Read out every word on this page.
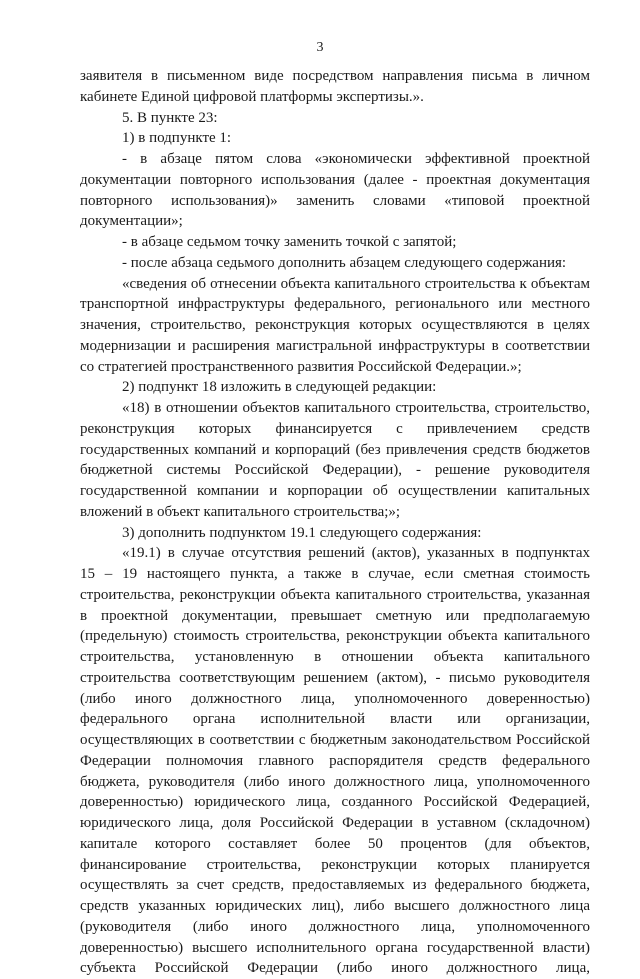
3
заявителя в письменном виде посредством направления письма в личном
кабинете Единой цифровой платформы экспертизы.».
5. В пункте 23:
1) в подпункте 1:
- в абзаце пятом слова «экономически эффективной проектной
документации повторного использования (далее - проектная документация
повторного использования)» заменить словами «типовой проектной
документации»;
- в абзаце седьмом точку заменить точкой с запятой;
- после абзаца седьмого дополнить абзацем следующего содержания:
«сведения об отнесении объекта капитального строительства к объектам
транспортной инфраструктуры федерального, регионального или местного
значения, строительство, реконструкция которых осуществляются в целях
модернизации и расширения магистральной инфраструктуры в соответствии
со стратегией пространственного развития Российской Федерации.»;
2) подпункт 18 изложить в следующей редакции:
«18) в отношении объектов капитального строительства, строительство,
реконструкция которых финансируется с привлечением средств
государственных компаний и корпораций (без привлечения средств бюджетов
бюджетной системы Российской Федерации), - решение руководителя
государственной компании и корпорации об осуществлении капитальных
вложений в объект капитального строительства;»;
3) дополнить подпунктом 19.1 следующего содержания:
«19.1) в случае отсутствия решений (актов), указанных в подпунктах
15 – 19 настоящего пункта, а также в случае, если сметная стоимость
строительства, реконструкции объекта капитального строительства, указанная
в проектной документации, превышает сметную или предполагаемую
(предельную) стоимость строительства, реконструкции объекта капитального
строительства, установленную в отношении объекта капитального
строительства соответствующим решением (актом), - письмо руководителя
(либо иного должностного лица, уполномоченного доверенностью)
федерального органа исполнительной власти или организации,
осуществляющих в соответствии с бюджетным законодательством Российской
Федерации полномочия главного распорядителя средств федерального
бюджета, руководителя (либо иного должностного лица, уполномоченного
доверенностью) юридического лица, созданного Российской Федерацией,
юридического лица, доля Российской Федерации в уставном (складочном)
капитале которого составляет более 50 процентов (для объектов,
финансирование строительства, реконструкции которых планируется
осуществлять за счет средств, предоставляемых из федерального бюджета,
средств указанных юридических лиц), либо высшего должностного лица
(руководителя (либо иного должностного лица, уполномоченного
доверенностью) высшего исполнительного органа государственной власти)
субъекта Российской Федерации (либо иного должностного лица,
